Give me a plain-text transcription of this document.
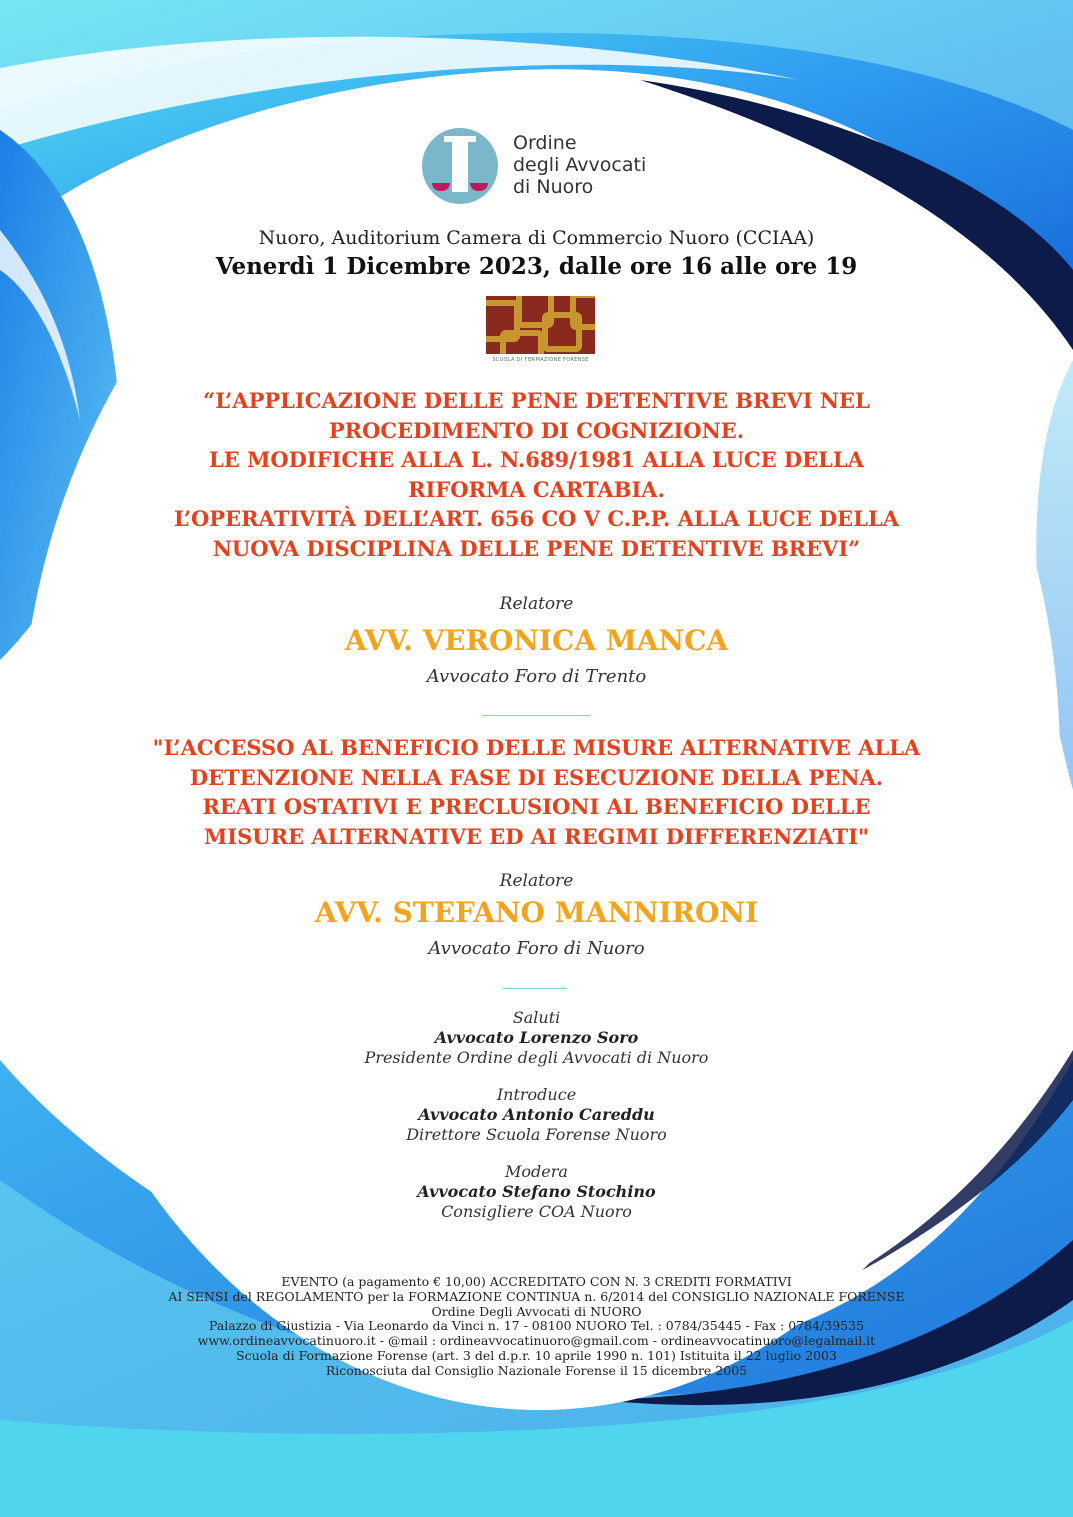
Ordine
degli Avvocati
di Nuoro
Nuoro, Auditorium Camera di Commercio Nuoro (CCIAA)
Venerdì 1 Dicembre 2023, dalle ore 16 alle ore 19
SCUOLA DI FORMAZIONE FORENSE
“L’APPLICAZIONE DELLE PENE DETENTIVE BREVI NEL
PROCEDIMENTO DI COGNIZIONE.
LE MODIFICHE ALLA L. N.689/1981 ALLA LUCE DELLA
RIFORMA CARTABIA.
L’OPERATIVITÀ DELL’ART. 656 CO V C.P.P. ALLA LUCE DELLA
NUOVA DISCIPLINA DELLE PENE DETENTIVE BREVI”
Relatore
AVV. VERONICA MANCA
Avvocato Foro di Trento
"L’ACCESSO AL BENEFICIO DELLE MISURE ALTERNATIVE ALLA
DETENZIONE NELLA FASE DI ESECUZIONE DELLA PENA.
REATI OSTATIVI E PRECLUSIONI AL BENEFICIO DELLE
MISURE ALTERNATIVE ED AI REGIMI DIFFERENZIATI"
Relatore
AVV. STEFANO MANNIRONI
Avvocato Foro di Nuoro
Saluti
Avvocato Lorenzo Soro
Presidente Ordine degli Avvocati di Nuoro
Introduce
Avvocato Antonio Careddu
Direttore Scuola Forense Nuoro
Modera
Avvocato Stefano Stochino
Consigliere COA Nuoro
EVENTO (a pagamento € 10,00) ACCREDITATO CON N. 3 CREDITI FORMATIVI
AI SENSI del REGOLAMENTO per la FORMAZIONE CONTINUA n. 6/2014 del CONSIGLIO NAZIONALE FORENSE
Ordine Degli Avvocati di NUORO
Palazzo di Giustizia - Via Leonardo da Vinci n. 17 - 08100 NUORO Tel. : 0784/35445 - Fax : 0784/39535
www.ordineavvocatinuoro.it - @mail : ordineavvocatinuoro@gmail.com - ordineavvocatinuoro@legalmail.it
Scuola di Formazione Forense (art. 3 del d.p.r. 10 aprile 1990 n. 101) Istituita il 22 luglio 2003
Riconosciuta dal Consiglio Nazionale Forense il 15 dicembre 2005
